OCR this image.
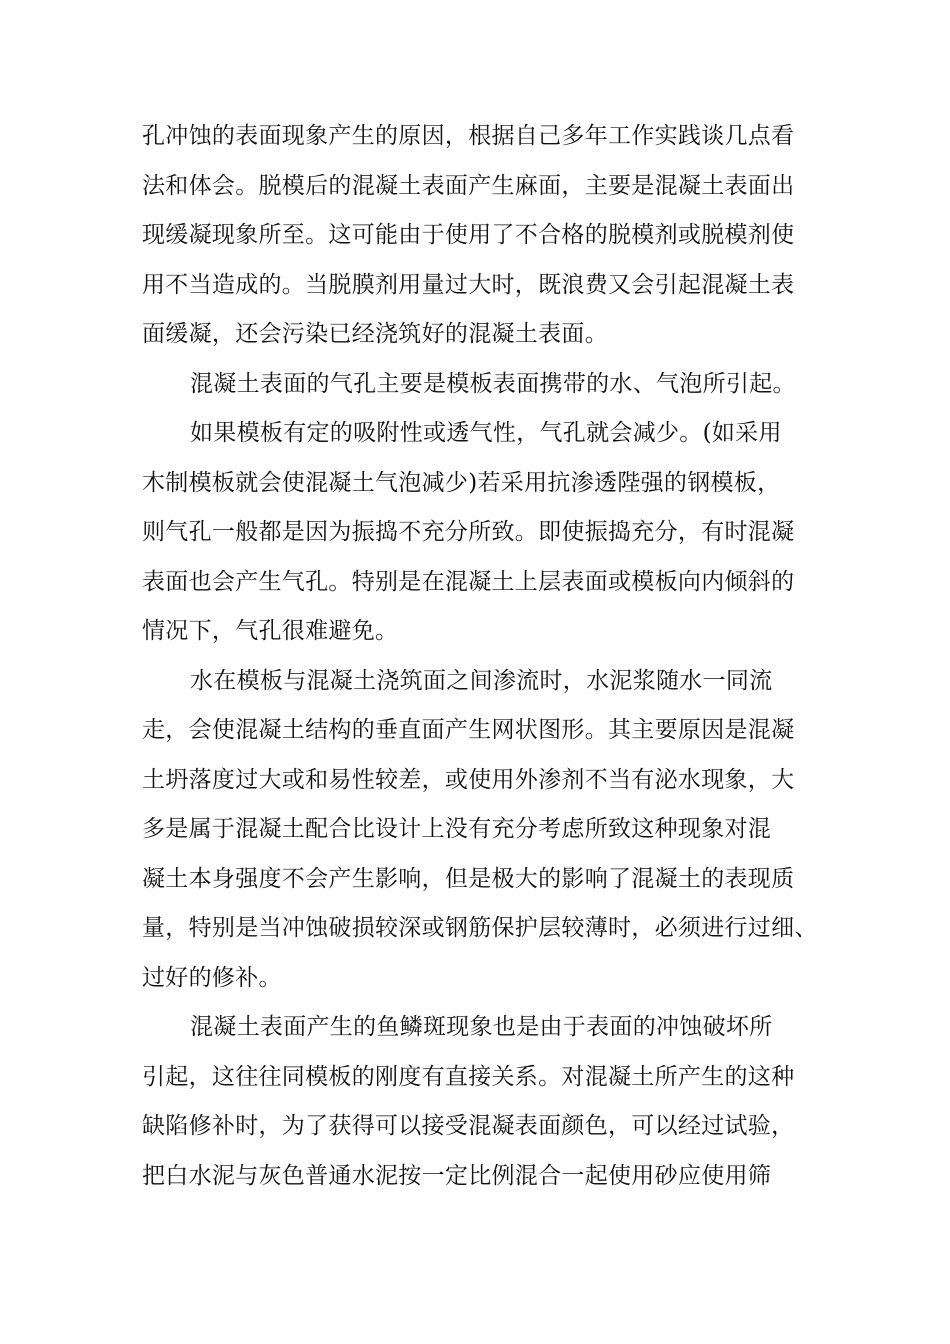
孔冲蚀的表面现象产生的原因，根据自己多年工作实践谈几点看
法和体会。脱模后的混凝土表面产生麻面，主要是混凝土表面出
现缓凝现象所至。这可能由于使用了不合格的脱模剂或脱模剂使
用不当造成的。当脱膜剂用量过大时，既浪费又会引起混凝土表
面缓凝，还会污染已经浇筑好的混凝土表面。

混凝土表面的气孔主要是模板表面携带的水、气泡所引起。

如果模板有定的吸附性或透气性，气孔就会减少。(如采用
木制模板就会使混凝土气泡减少)若采用抗渗透陛强的钢模板，
则气孔一般都是因为振捣不充分所致。即使振捣充分，有时混凝
表面也会产生气孔。特别是在混凝土上层表面或模板向内倾斜的
情况下，气孔很难避免。

水在模板与混凝土浇筑面之间渗流时，水泥浆随水一同流
走，会使混凝土结构的垂直面产生网状图形。其主要原因是混凝
土坍落度过大或和易性较差，或使用外渗剂不当有泌水现象，大
多是属于混凝土配合比设计上没有充分考虑所致这种现象对混
凝土本身强度不会产生影响，但是极大的影响了混凝土的表现质
量，特别是当冲蚀破损较深或钢筋保护层较薄时，必须进行过细、
过好的修补。

混凝土表面产生的鱼鳞斑现象也是由于表面的冲蚀破坏所
引起，这往往同模板的刚度有直接关系。对混凝土所产生的这种
缺陷修补时，为了获得可以接受混凝表面颜色，可以经过试验，
把白水泥与灰色普通水泥按一定比例混合一起使用砂应使用筛
